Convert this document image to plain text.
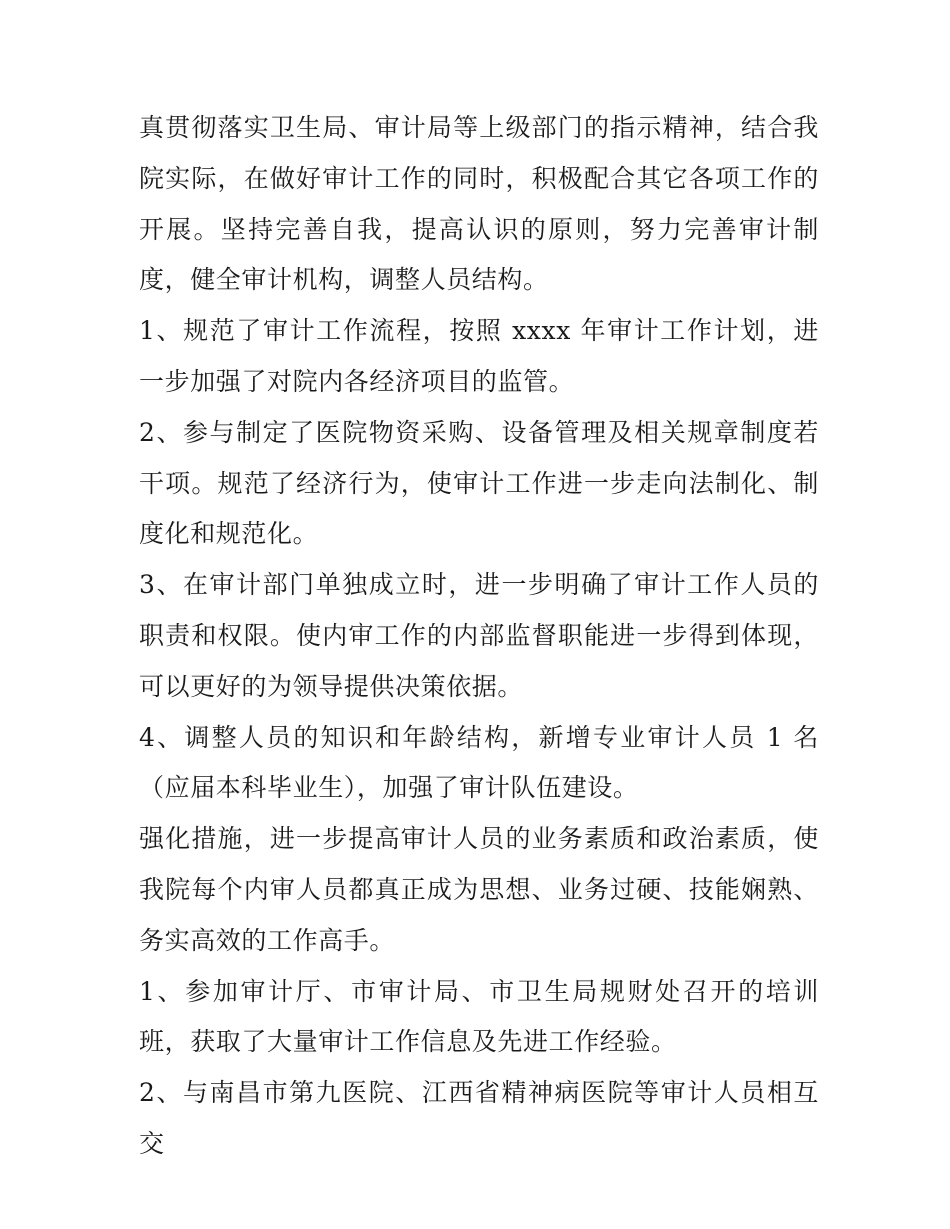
真贯彻落实卫生局、审计局等上级部门的指示精神，结合我院实际，在做好审计工作的同时，积极配合其它各项工作的开展。坚持完善自我，提高认识的原则，努力完善审计制度，健全审计机构，调整人员结构。

1、规范了审计工作流程，按照 xxxx 年审计工作计划，进一步加强了对院内各经济项目的监管。

2、参与制定了医院物资采购、设备管理及相关规章制度若干项。规范了经济行为，使审计工作进一步走向法制化、制度化和规范化。

3、在审计部门单独成立时，进一步明确了审计工作人员的职责和权限。使内审工作的内部监督职能进一步得到体现，可以更好的为领导提供决策依据。

4、调整人员的知识和年龄结构，新增专业审计人员 1 名（应届本科毕业生），加强了审计队伍建设。

强化措施，进一步提高审计人员的业务素质和政治素质，使我院每个内审人员都真正成为思想、业务过硬、技能娴熟、务实高效的工作高手。

1、参加审计厅、市审计局、市卫生局规财处召开的培训班，获取了大量审计工作信息及先进工作经验。

2、与南昌市第九医院、江西省精神病医院等审计人员相互交
